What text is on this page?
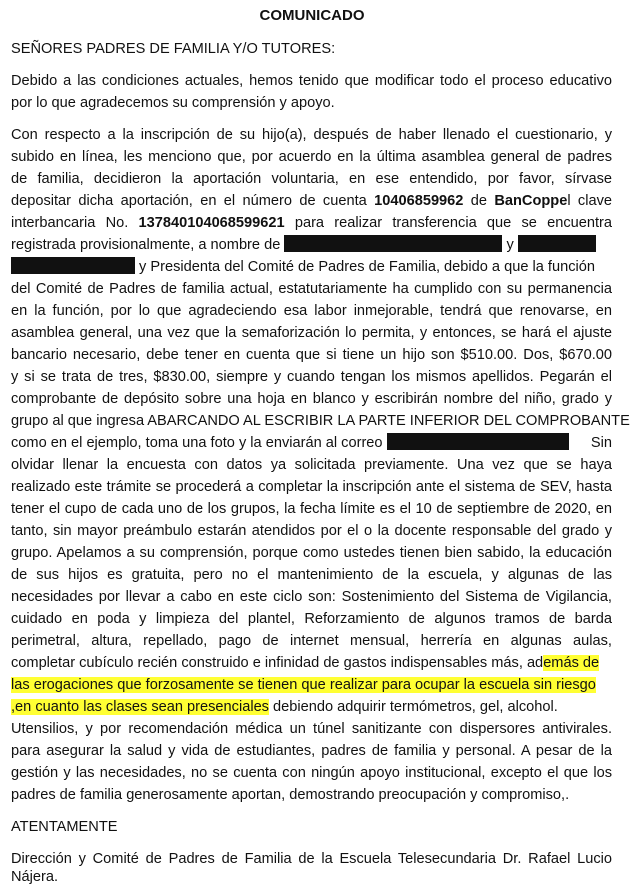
COMUNICADO

SEÑORES PADRES DE FAMILIA Y/O TUTORES:

Debido a las condiciones actuales, hemos tenido que modificar todo el proceso educativo

por lo que agradecemos su comprensión y apoyo.

Con respecto a la inscripción de su hijo(a), después de haber llenado el cuestionario, y

subido en línea, les menciono que, por acuerdo en la última asamblea general de padres

de familia, decidieron la aportación voluntaria, en ese entendido, por favor, sírvase

depositar dicha aportación, en el número de cuenta 10406859962 de BanCoppel clave

interbancaria No. 137840104068599621 para realizar transferencia que se encuentra

registrada provisionalmente, a nombre de	y

y Presidenta del Comité de Padres de Familia, debido a que la función

del Comité de Padres de familia actual, estatutariamente ha cumplido con su permanencia

en la función, por lo que agradeciendo esa labor inmejorable, tendrá que renovarse, en

asamblea general, una vez que la semaforización lo permita, y entonces, se hará el ajuste

bancario necesario, debe tener en cuenta que si tiene un hijo son $510.00. Dos, $670.00

y si se trata de tres, $830.00, siempre y cuando tengan los mismos apellidos. Pegarán el

comprobante de depósito sobre una hoja en blanco y escribirán nombre del niño, grado y

grupo al que ingresa ABARCANDO AL ESCRIBIR LA PARTE INFERIOR DEL COMPROBANTE

como en el ejemplo, toma una foto y la enviarán al correo	Sin

olvidar llenar la encuesta con datos ya solicitada previamente. Una vez que se haya

realizado este trámite se procederá a completar la inscripción ante el sistema de SEV, hasta

tener el cupo de cada uno de los grupos, la fecha límite es el 10 de septiembre de 2020, en

tanto, sin mayor preámbulo estarán atendidos por el o la docente responsable del grado y

grupo. Apelamos a su comprensión, porque como ustedes tienen bien sabido, la educación

de sus hijos es gratuita, pero no el mantenimiento de la escuela, y algunas de las

necesidades por llevar a cabo en este ciclo son: Sostenimiento del Sistema de Vigilancia,

cuidado en poda y limpieza del plantel, Reforzamiento de algunos tramos de barda

perimetral, altura, repellado, pago de internet mensual, herrería en algunas aulas,

completar cubículo recién construido e infinidad de gastos indispensables más, además de

las erogaciones que forzosamente se tienen que realizar para ocupar la escuela sin riesgo

,en cuanto las clases sean presenciales debiendo adquirir termómetros, gel, alcohol.

Utensilios, y por recomendación médica un túnel sanitizante con dispersores antivirales.

para asegurar la salud y vida de estudiantes, padres de familia y personal. A pesar de la

gestión y las necesidades, no se cuenta con ningún apoyo institucional, excepto el que los

padres de familia generosamente aportan, demostrando preocupación y compromiso,.

ATENTAMENTE

Dirección y Comité de Padres de Familia de la Escuela Telesecundaria Dr. Rafael Lucio

Nájera.
